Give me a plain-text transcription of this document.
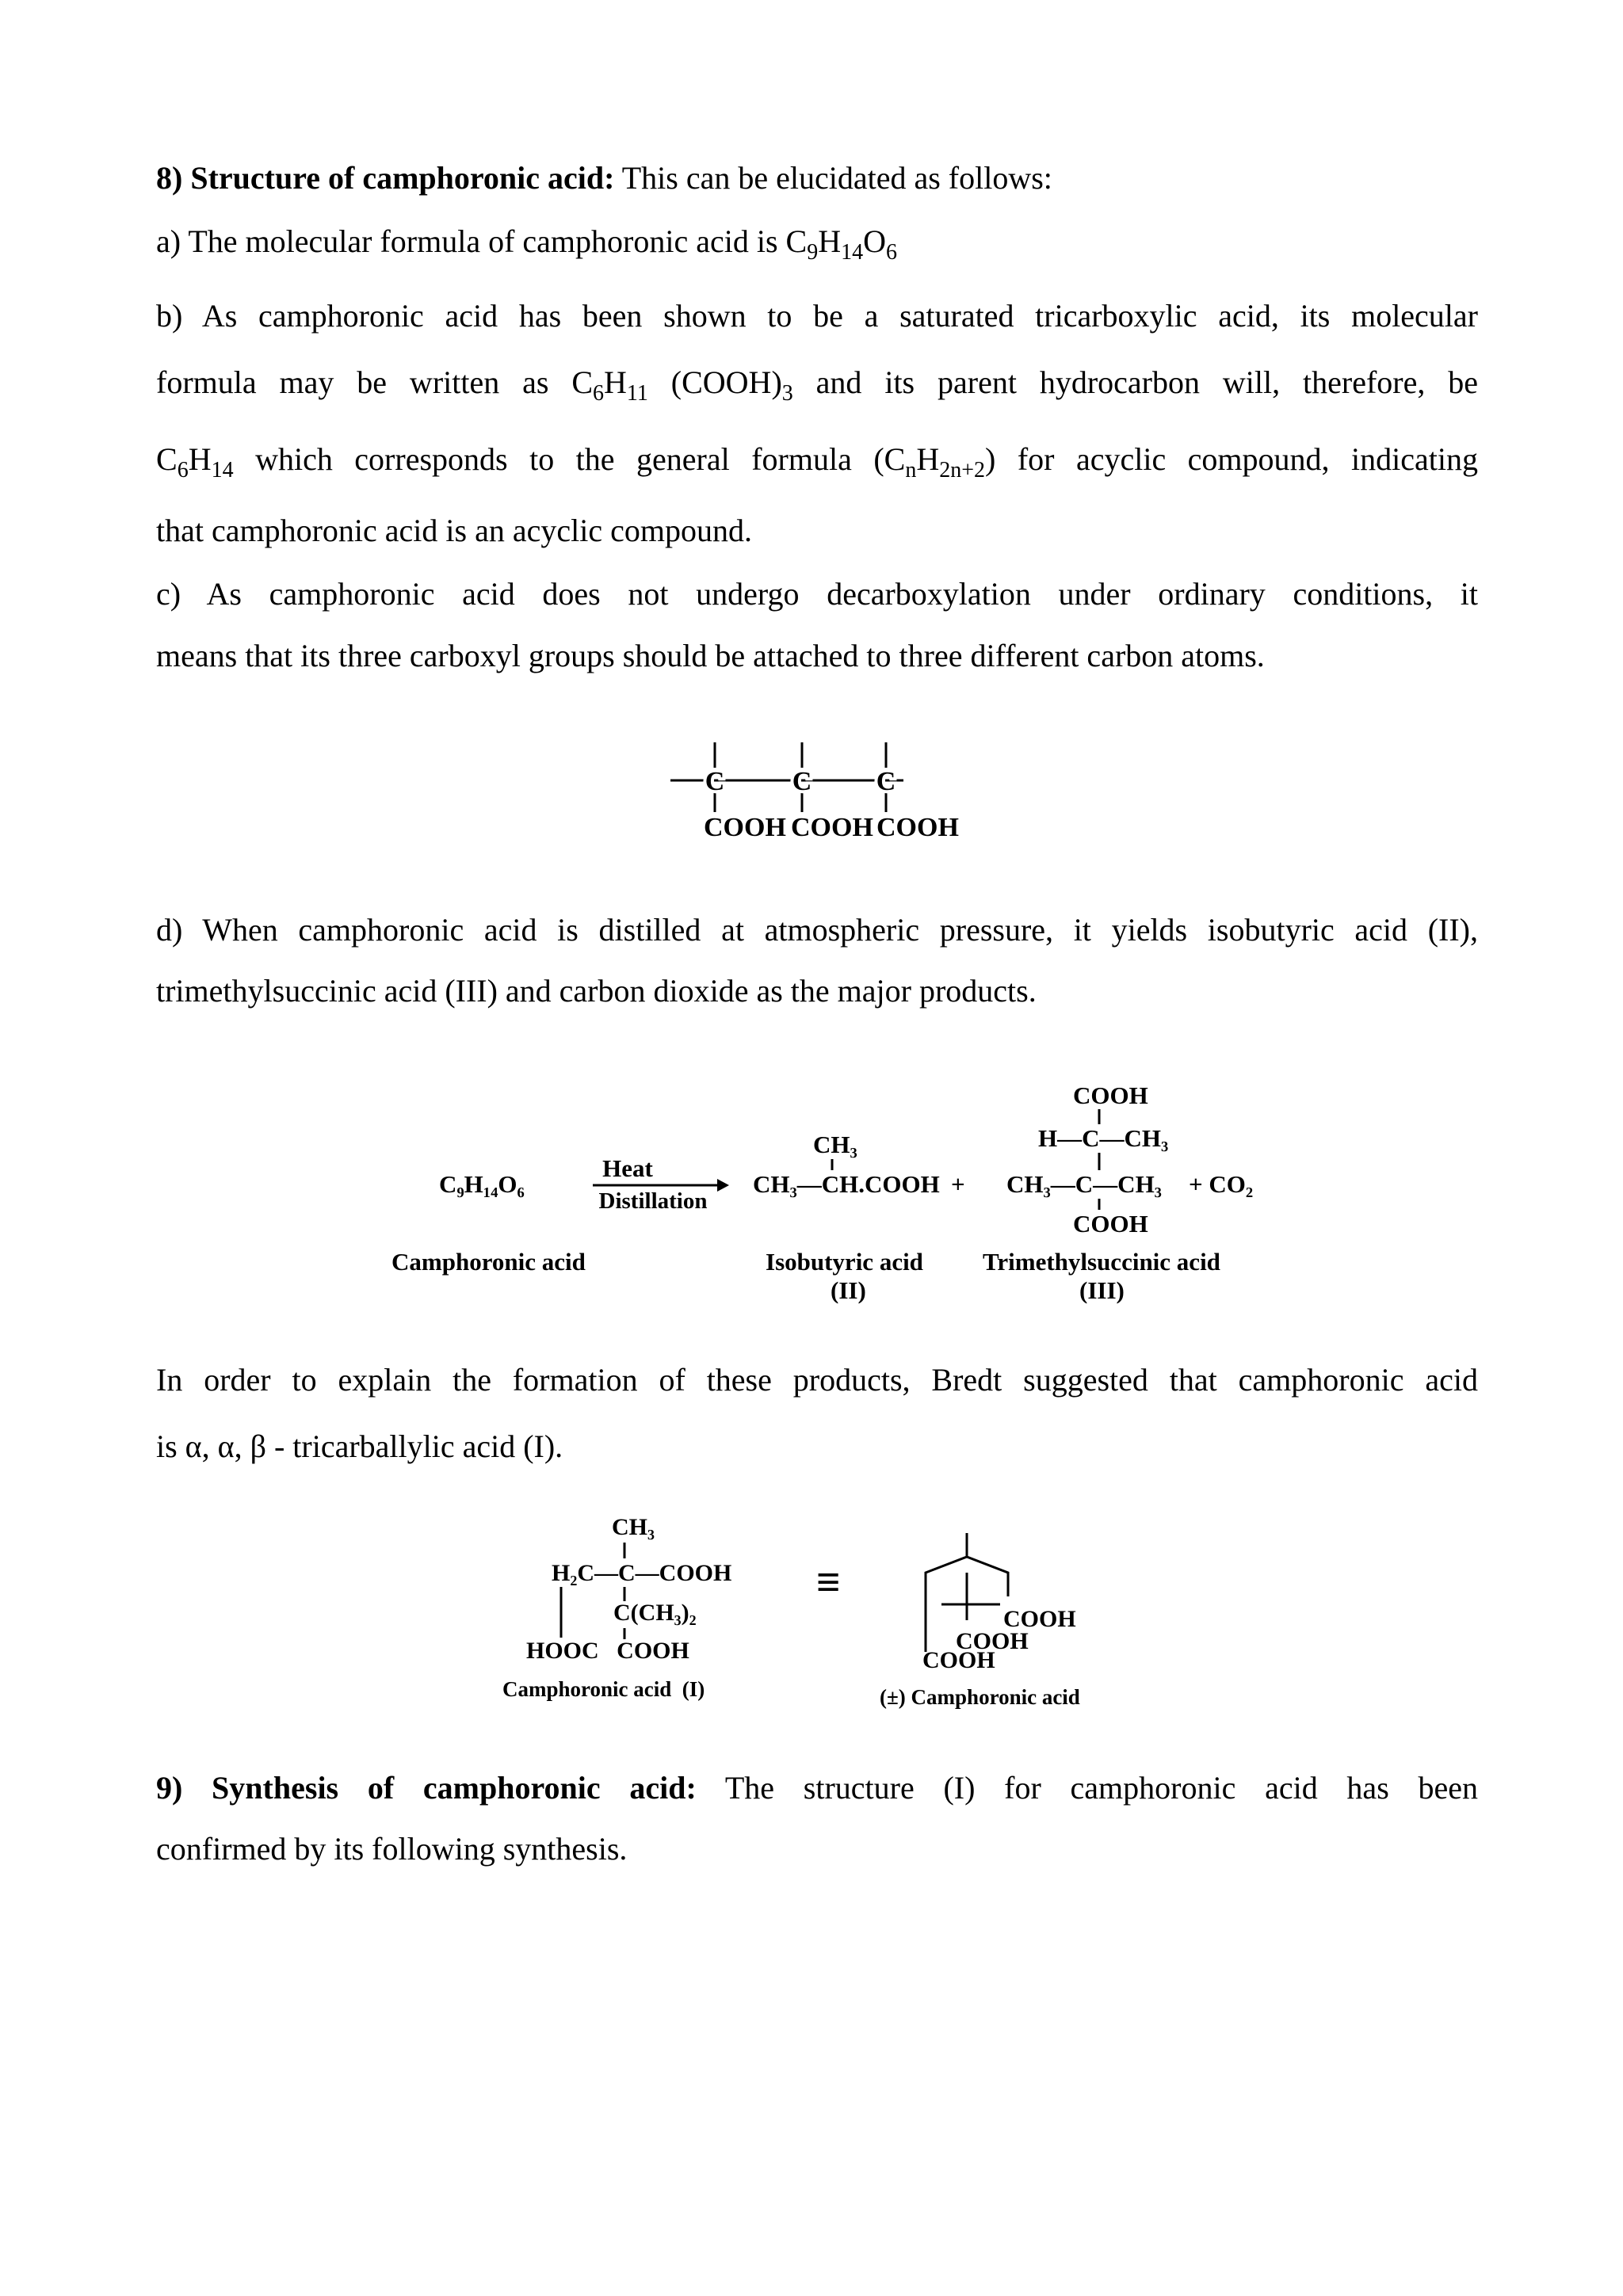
8) Structure of camphoronic acid: This can be elucidated as follows:

a) The molecular formula of camphoronic acid is $C_9H_{14}O_6$

b) As camphoronic acid has been shown to be a saturated tricarboxylic acid, its molecular

formula may be written as $C_6H_{11}$ $(COOH)_3$ and its parent hydrocarbon will, therefore, be

$C_6H_{14}$ which corresponds to the general formula $(C_nH_{2n+2})$ for acyclic compound, indicating

that camphoronic acid is an acyclic compound.

c) As camphoronic acid does not undergo decarboxylation under ordinary conditions, it

means that its three carboxyl groups should be attached to three different carbon atoms.

C	C C
COOH COOH COOH

d) When camphoronic acid is distilled at atmospheric pressure, it yields isobutyric acid (II),

trimethylsuccinic acid (III) and carbon dioxide as the major products.

C₉H₁₄O₆
Camphoronic acid
Heat
Distillation
CH₃
CH₃—CH.COOH
Isobutyric acid
(II)
+
COOH
H—C—CH₃
CH₃—C—CH₃
COOH
Trimethylsuccinic acid
(III)
+ CO₂

In order to explain the formation of these products, Bredt suggested that camphoronic acid

is α, α, β - tricarballylic acid (I).

CH₃
H₂C—C—COOH
C(CH₃)₂
HOOC   COOH
≡
COOH
COOH
COOH
Camphoronic acid  (I)	(±) Camphoronic acid

9) Synthesis of camphoronic acid: The structure (I) for camphoronic acid has been

confirmed by its following synthesis.
